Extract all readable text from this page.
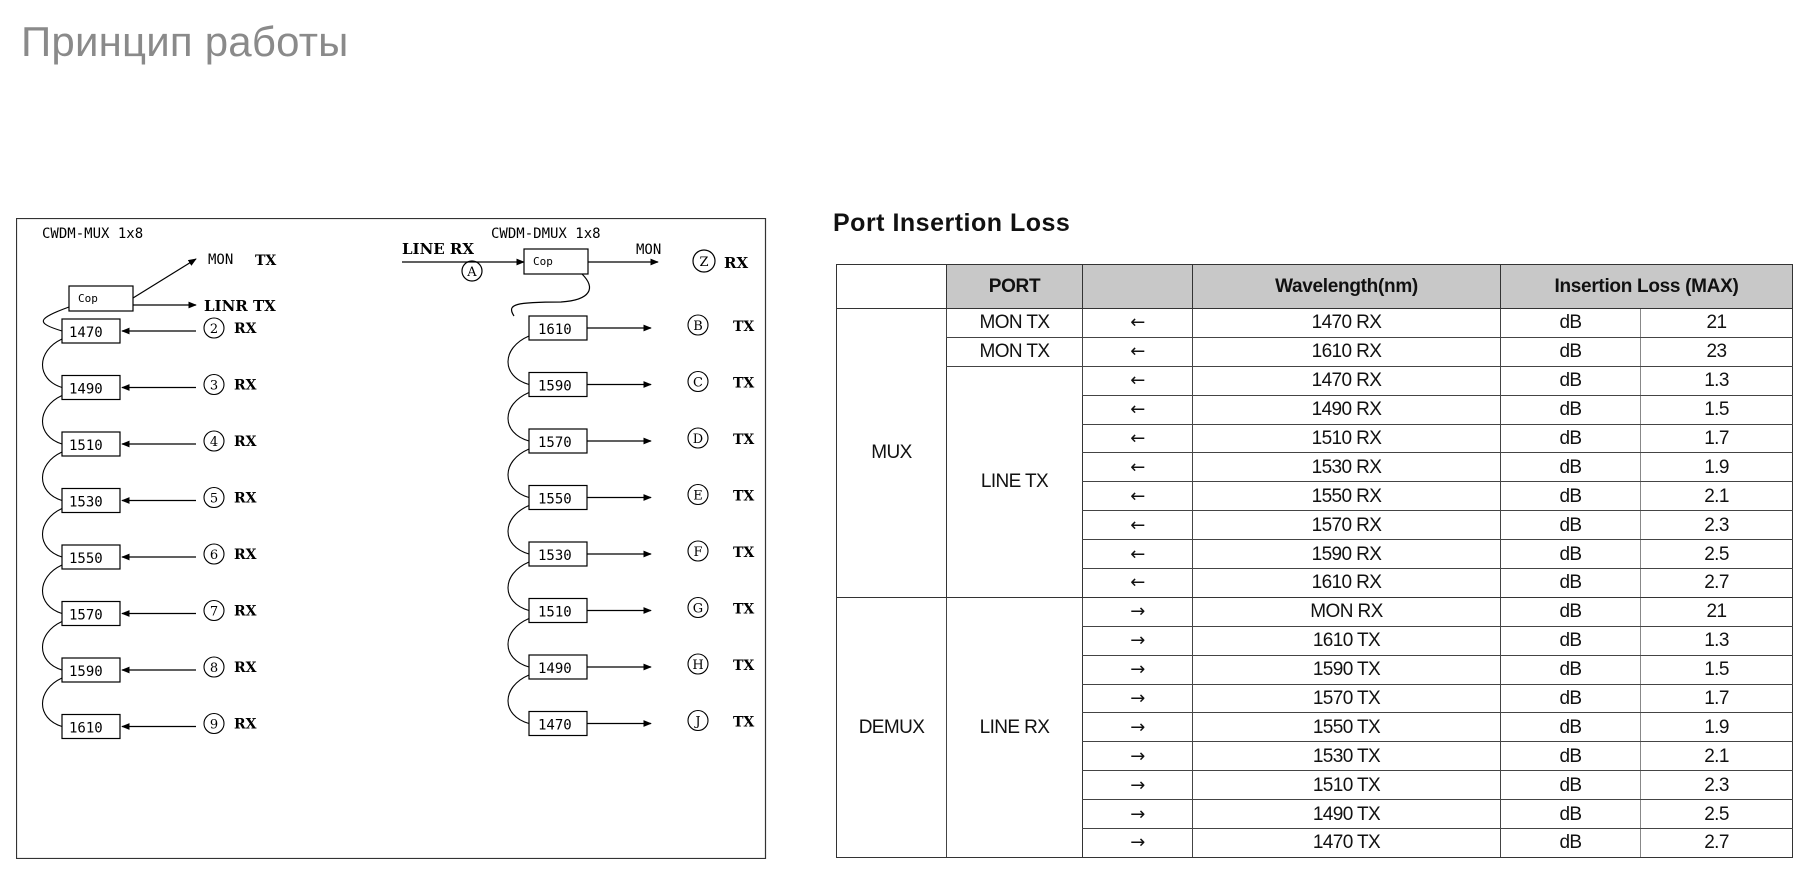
Принцип работы
CWDM-MUX 1x8	CWDM-DMUX 1x8
Cop
Cop
MON TX
LINR TX
LINE RX
A
MON
Z RX
1470	2 RX
1490	3 RX
1510	4 RX
1530	5 RX
1550	6 RX
1570	7 RX
1590	8 RX
1610	9 RX
1610	B TX
1590	C TX
1570	D TX
1550	E TX
1530	F TX
1510	G TX
1490	H TX
1470	J TX
Port Insertion Loss
	PORT		Wavelength(nm)	Insertion Loss (MAX)	
MUX	MON TX	←	1470 RX	dB	21
	MON TX	←	1610 RX	dB	23
	LINE TX	←	1470 RX	dB	1.3
		←	1490 RX	dB	1.5
		←	1510 RX	dB	1.7
		←	1530 RX	dB	1.9
		←	1550 RX	dB	2.1
		←	1570 RX	dB	2.3
		←	1590 RX	dB	2.5
		←	1610 RX	dB	2.7
DEMUX	LINE RX	→	MON RX	dB	21
		→	1610 TX	dB	1.3
		→	1590 TX	dB	1.5
		→	1570 TX	dB	1.7
		→	1550 TX	dB	1.9
		→	1530 TX	dB	2.1
		→	1510 TX	dB	2.3
		→	1490 TX	dB	2.5
		→	1470 TX	dB	2.7
